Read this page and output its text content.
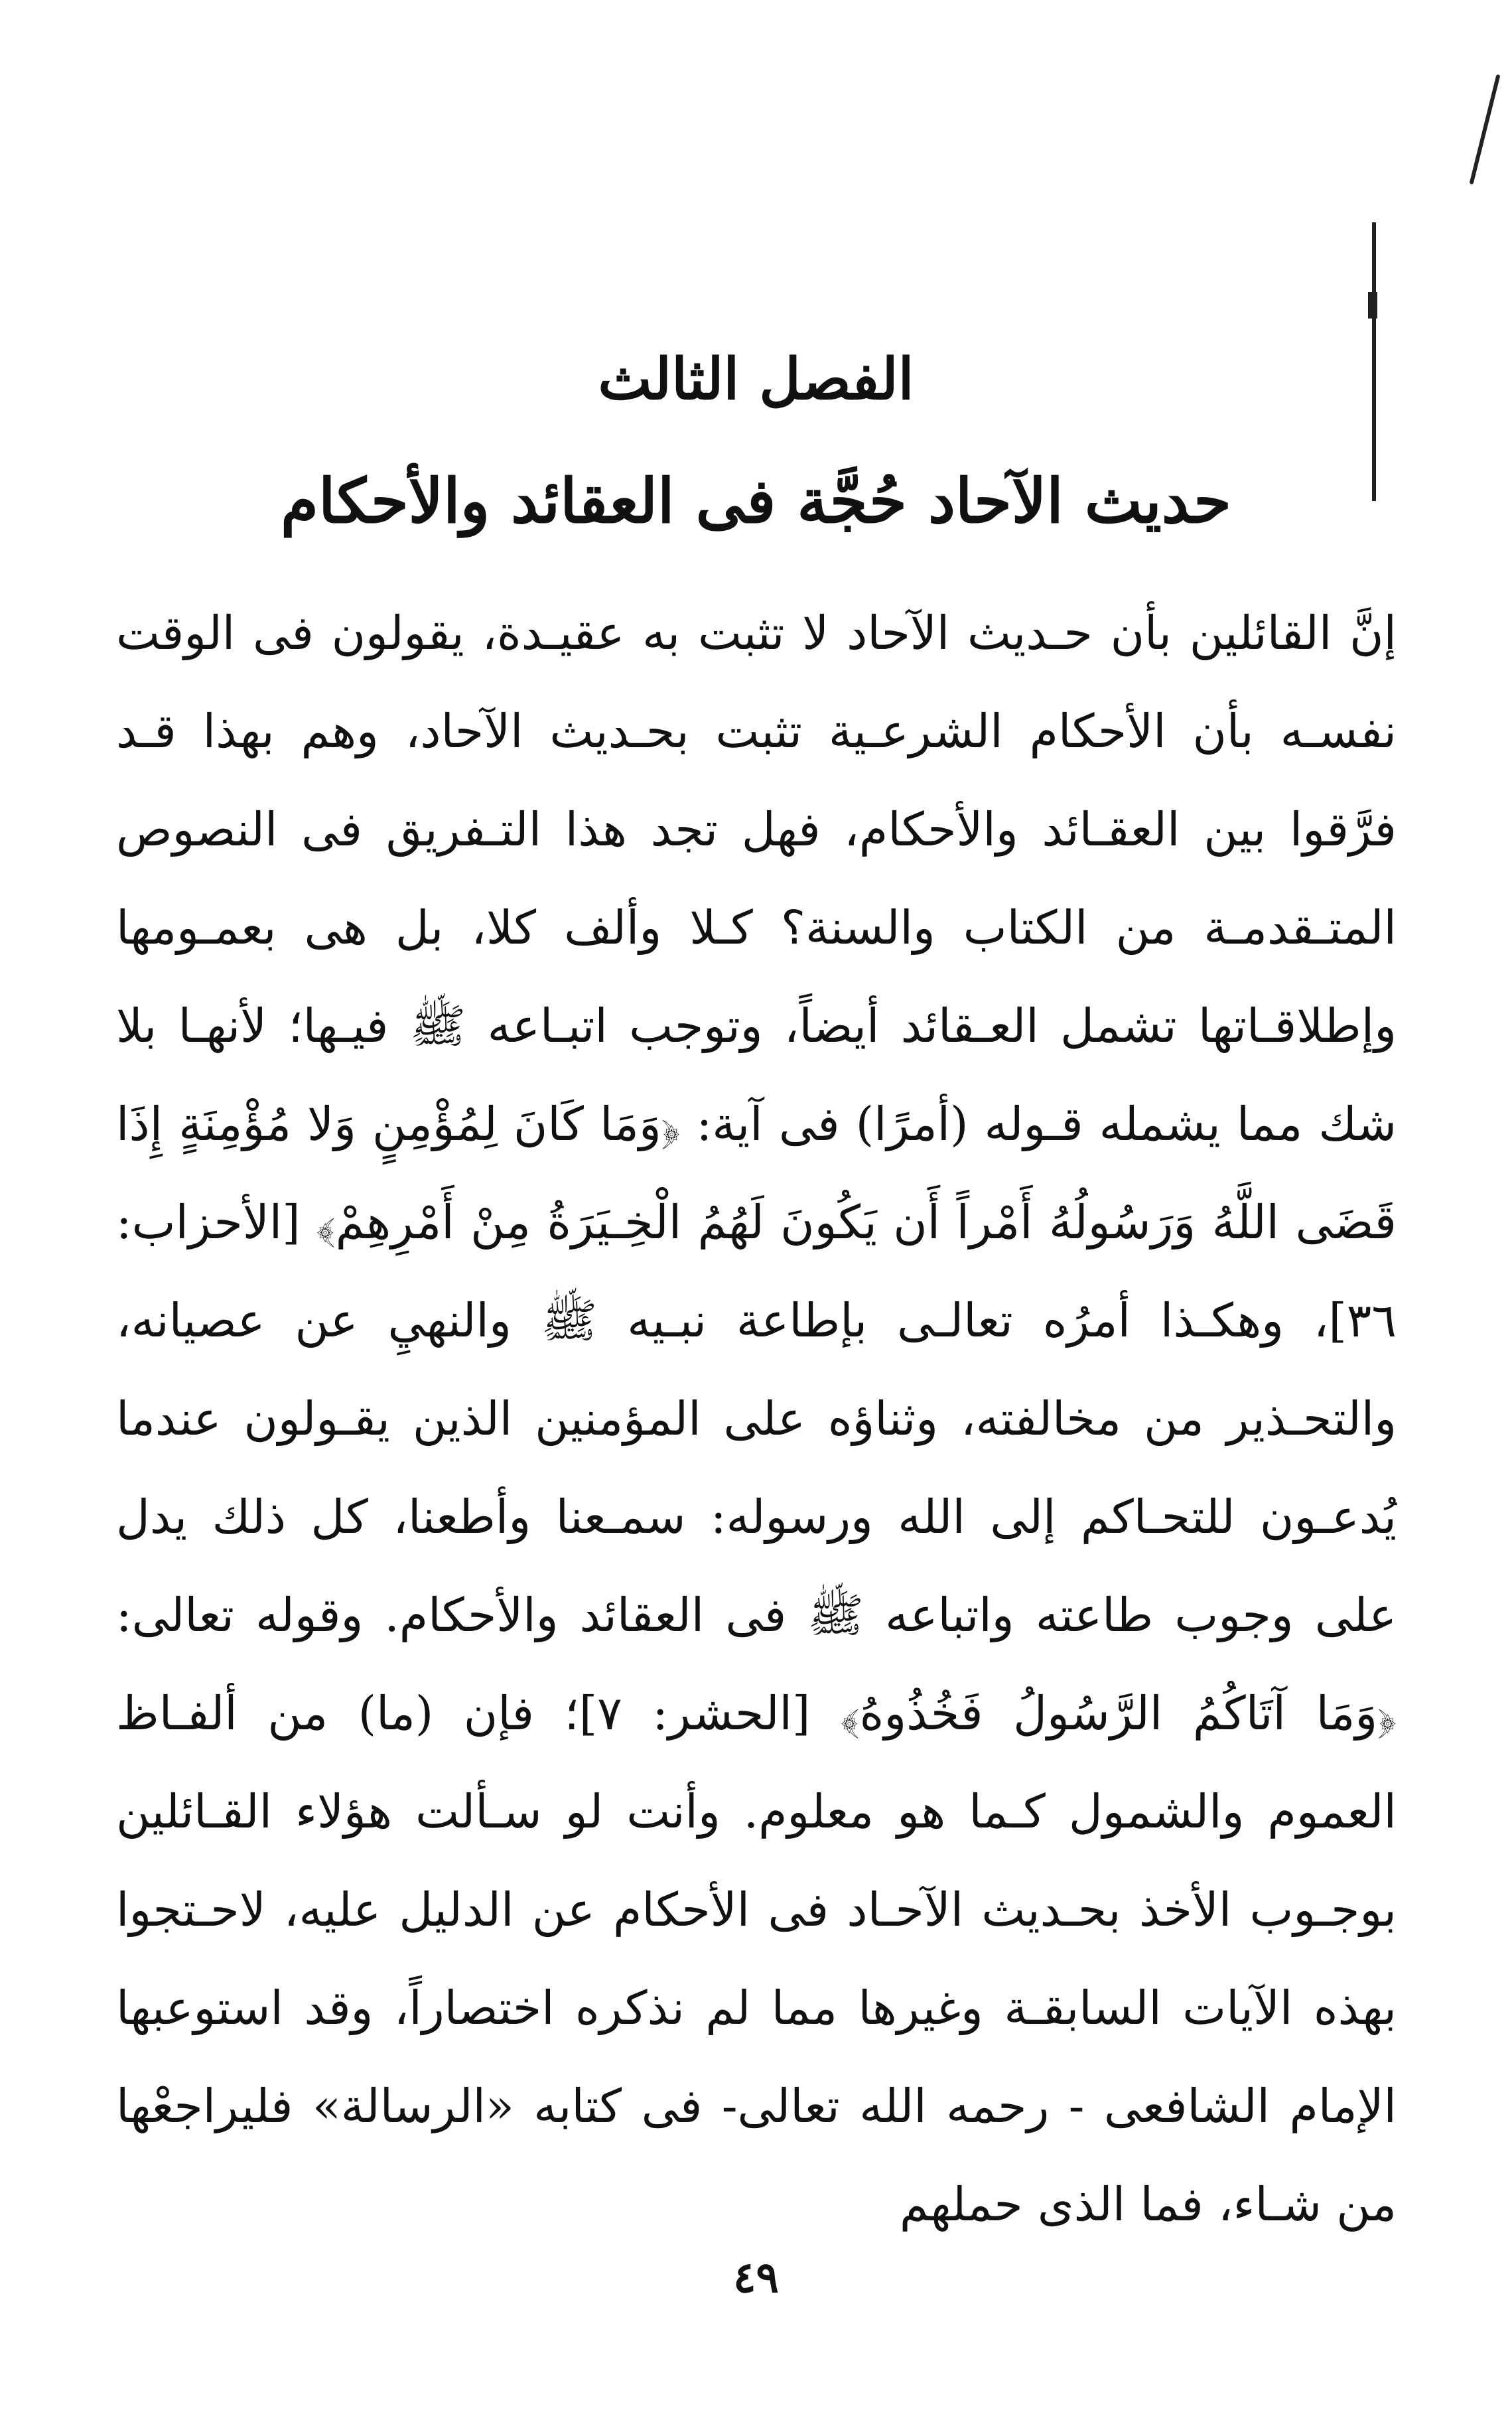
الفصل الثالث
حديث الآحاد حُجَّة فى العقائد والأحكام

إنَّ القائلين بأن حـديث الآحاد لا تثبت به عقيـدة، يقولون فى الوقت نفسـه بأن الأحكام الشرعـية تثبت بحـديث الآحاد، وهم بهذا قـد فرَّقوا بين العقـائد والأحكام، فهل تجد هذا التـفريق فى النصوص المتـقدمـة من الكتاب والسنة؟ كـلا وألف كلا، بل هى بعمـومها وإطلاقـاتها تشمل العـقائد أيضاً، وتوجب اتبـاعه ﷺ فيـها؛ لأنهـا بلا شك مما يشمله قـوله (أمرًا) فى آية: ﴿وَمَا كَانَ لِمُؤْمِنٍ وَلا مُؤْمِنَةٍ إِذَا قَضَى اللَّهُ وَرَسُولُهُ أَمْراً أَن يَكُونَ لَهُمُ الْخِـيَرَةُ مِنْ أَمْرِهِمْ﴾ [الأحزاب: ٣٦]، وهكـذا أمرُه تعالـى بإطاعة نبـيه ﷺ والنهيِ عن عصيانه، والتحـذير من مخالفته، وثناؤه على المؤمنين الذين يقـولون عندما يُدعـون للتحـاكم إلى الله ورسوله: سمـعنا وأطعنا، كل ذلك يدل على وجوب طاعته واتباعه ﷺ فى العقائد والأحكام. وقوله تعالى: ﴿وَمَا آتَاكُمُ الرَّسُولُ فَخُذُوهُ﴾ [الحشر: ٧]؛ فإن (ما) من ألفـاظ العموم والشمول كـما هو معلوم. وأنت لو سـألت هؤلاء القـائلين بوجـوب الأخذ بحـديث الآحـاد فى الأحكام عن الدليل عليه، لاحـتجوا بهذه الآيات السابقـة وغيرها مما لم نذكره اختصاراً، وقد استوعبها الإمام الشافعى - رحمه الله تعالى- فى كتابه «الرسالة» فليراجعْها من شـاء، فما الذى حملهم

٤٩
